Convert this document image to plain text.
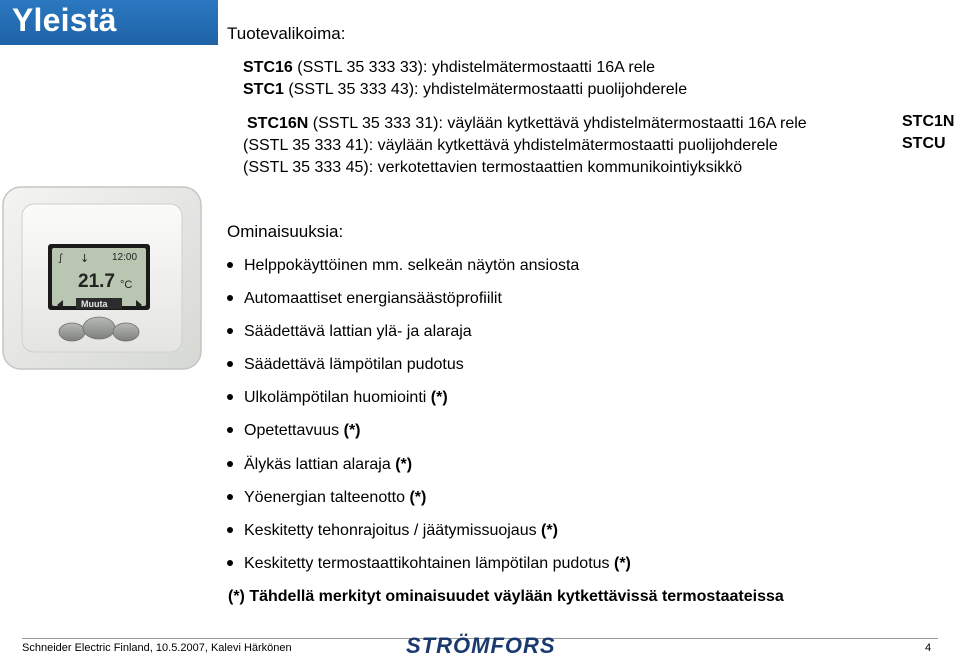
Yleistä	Tuotevalikoima:
STC16 (SSTL 35 333 33): yhdistelmätermostaatti 16A rele
STC1 (SSTL 35 333 43): yhdistelmätermostaatti puolijohderele
STC16N (SSTL 35 333 31): väylään kytkettävä yhdistelmätermostaatti 16A rele
(SSTL 35 333 41): väylään kytkettävä yhdistelmätermostaatti puolijohderele
(SSTL 35 333 45): verkotettavien termostaattien kommunikointiyksikkö
STC1N
STCU
∫ ↓ 12:00
21.7 °C
Muuta
Ominaisuuksia:
Helppokäyttöinen mm. selkeän näytön ansiosta
Automaattiset energiansäästöprofiilit
Säädettävä lattian ylä- ja alaraja
Säädettävä lämpötilan pudotus
Ulkolämpötilan huomiointi (*)
Opetettavuus (*)
Älykäs lattian alaraja (*)
Yöenergian talteenotto (*)
Keskitetty tehonrajoitus / jäätymissuojaus (*)
Keskitetty termostaattikohtainen lämpötilan pudotus (*)
(*) Tähdellä merkityt ominaisuudet väylään kytkettävissä termostaateissa
Schneider Electric Finland, 10.5.2007, Kalevi Härkönen	STRÖMFORS	4
